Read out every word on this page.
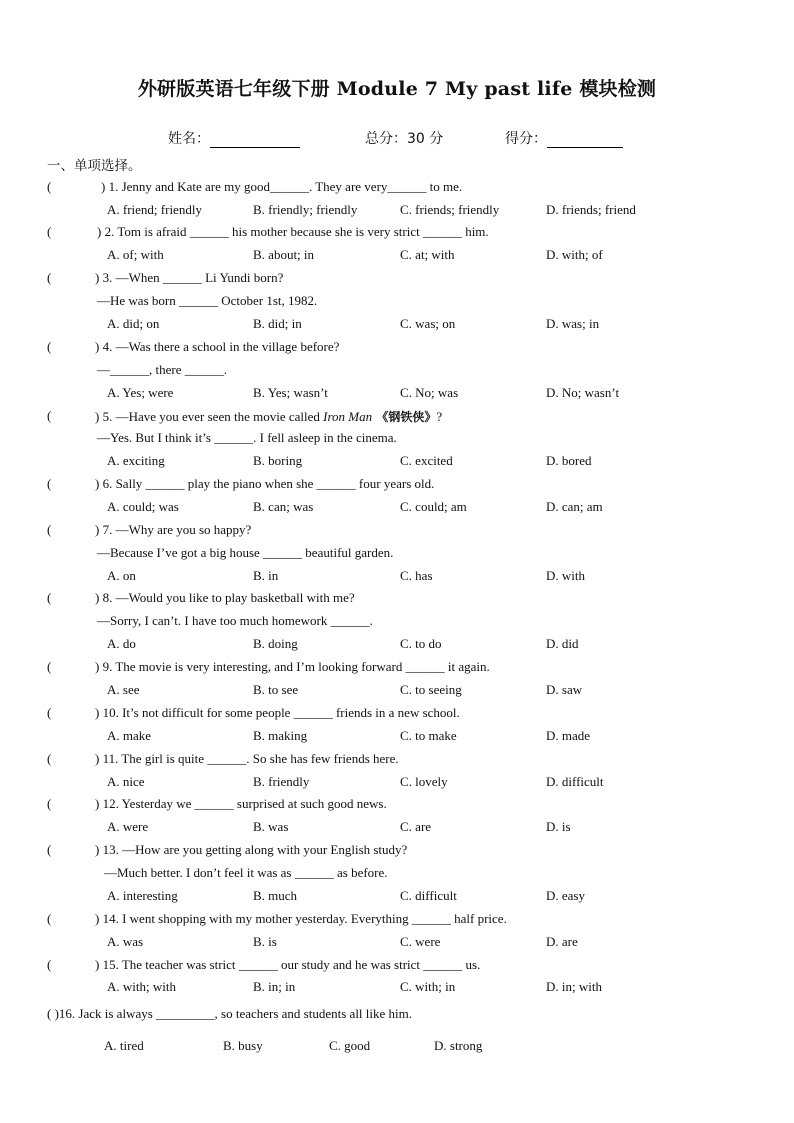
外研版英语七年级下册 Module 7 My past life 模块检测
姓名：	总分：30 分	得分：
一、单项选择。
(	) 1. Jenny and Kate are my good______. They are very______ to me.
A. friend; friendly	B. friendly; friendly	C. friends; friendly	D. friends; friend
(	) 2. Tom is afraid ______ his mother because she is very strict ______ him.
A. of; with	B. about; in	C. at; with	D. with; of
(	) 3. —When ______ Li Yundi born?
—He was born ______ October 1st, 1982.
A. did; on	B. did; in	C. was; on	D. was; in
(	) 4. —Was there a school in the village before?
—______, there ______.
A. Yes; were	B. Yes; wasn’t	C. No; was	D. No; wasn’t
(	) 5. —Have you ever seen the movie called Iron Man 《钢铁侠》?
—Yes. But I think it’s ______. I fell asleep in the cinema.
A. exciting	B. boring	C. excited	D. bored
(	) 6. Sally ______ play the piano when she ______ four years old.
A. could; was	B. can; was	C. could; am	D. can; am
(	) 7. —Why are you so happy?
—Because I’ve got a big house ______ beautiful garden.
A. on	B. in	C. has	D. with
(	) 8. —Would you like to play basketball with me?
—Sorry, I can’t. I have too much homework ______.
A. do	B. doing	C. to do	D. did
(	) 9. The movie is very interesting, and I’m looking forward ______ it again.
A. see	B. to see	C. to seeing	D. saw
(	) 10. It’s not difficult for some people ______ friends in a new school.
A. make	B. making	C. to make	D. made
(	) 11. The girl is quite ______. So she has few friends here.
A. nice	B. friendly	C. lovely	D. difficult
(	) 12. Yesterday we ______ surprised at such good news.
A. were	B. was	C. are	D. is
(	) 13. —How are you getting along with your English study?
—Much better. I don’t feel it was as ______ as before.
A. interesting	B. much	C. difficult	D. easy
(	) 14. I went shopping with my mother yesterday. Everything ______ half price.
A. was	B. is	C. were	D. are
(	) 15. The teacher was strict ______ our study and he was strict ______ us.
A. with; with	B. in; in	C. with; in	D. in; with
( )16. Jack is always _________, so teachers and students all like him.
A. tired	B. busy	C. good	D. strong
